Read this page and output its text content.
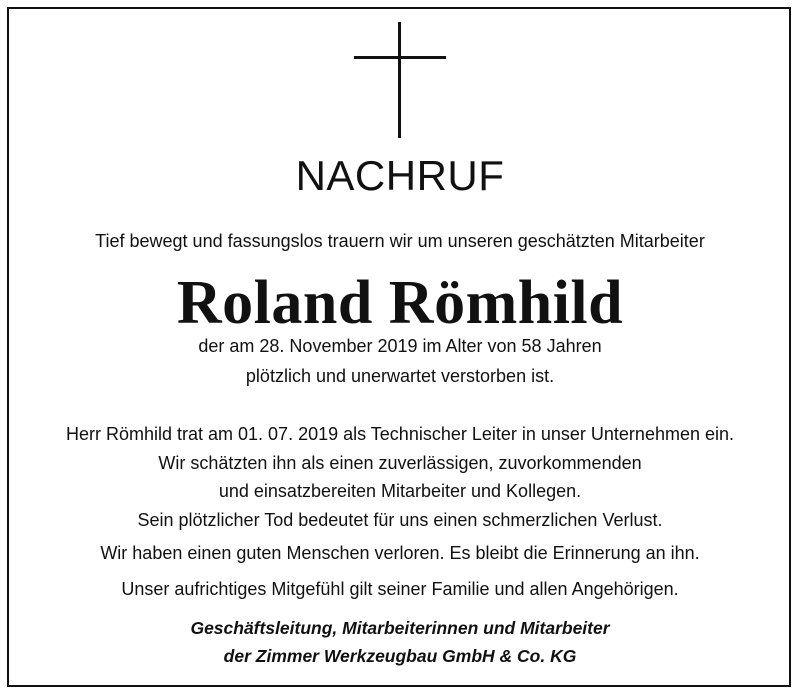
NACHRUF
Tief bewegt und fassungslos trauern wir um unseren geschätzten Mitarbeiter
Roland Römhild
der am 28. November 2019 im Alter von 58 Jahren
plötzlich und unerwartet verstorben ist.
Herr Römhild trat am 01. 07. 2019 als Technischer Leiter in unser Unternehmen ein.
Wir schätzten ihn als einen zuverlässigen, zuvorkommenden
und einsatzbereiten Mitarbeiter und Kollegen.
Sein plötzlicher Tod bedeutet für uns einen schmerzlichen Verlust.
Wir haben einen guten Menschen verloren. Es bleibt die Erinnerung an ihn.
Unser aufrichtiges Mitgefühl gilt seiner Familie und allen Angehörigen.
Geschäftsleitung, Mitarbeiterinnen und Mitarbeiter
der Zimmer Werkzeugbau GmbH & Co. KG
